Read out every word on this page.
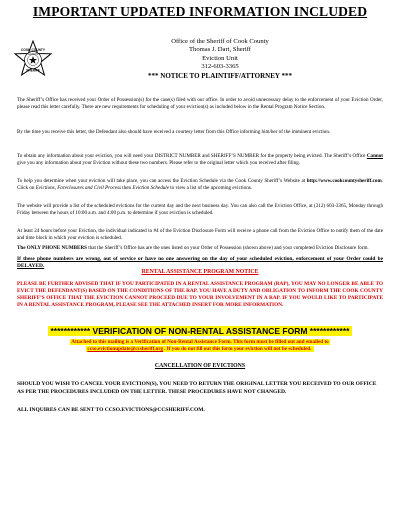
IMPORTANT UPDATED INFORMATION INCLUDED
COOK COUNTY
ILLINOIS
SHERIFF
Office of the Sheriff of Cook County
Thomas J. Dart, Sheriff
Eviction Unit
312-603-3365
*** NOTICE TO PLAINTIFF/ATTORNEY ***

The Sheriff’s Office has received your Order of Possession(s) for the case(s) filed with our office. In order to avoid unnecessary delay to the enforcement of your Eviction Order, please read this letter carefully. There are new requirements for scheduling of your eviction(s) as included below in the Rental Program Notice Section.

By the time you receive this letter, the Defendant also should have received a courtesy letter from this Office informing him/her of the imminent eviction.

To obtain any information about your eviction, you will need your DISTRICT NUMBER and SHERIFF’S NUMBER for the property being evicted. The Sheriff’s Office Cannot give you any information about your Eviction without these two numbers. Please refer to the original letter which you received after filing.

To help you determine when your eviction will take place, you can access the Eviction Schedule via the Cook County Sheriff’s Website at http://www.cookcountysheriff.com. Click on Evictions, Foreclosures and Civil Process then Eviction Schedule to view a list of the upcoming evictions.

The website will provide a list of the scheduled evictions for the current day and the next business day. You can also call the Eviction Office, at (312) 603-3365, Monday through Friday between the hours of 10:00 a.m. and 4:00 p.m. to determine if your eviction is scheduled.

At least 24 hours before your Eviction, the individual indicated in #4 of the Eviction Disclosure Form will receive a phone call from the Eviction Office to notify them of the date and time block in which your eviction is scheduled.

The ONLY PHONE NUMBERS that the Sheriff’s Office has are the ones listed on your Order of Possession (shown above) and your completed Eviction Disclosure form.

If these phone numbers are wrong, out of service or have no one answering on the day of your scheduled eviction, enforcement of your Order could be DELAYED.

RENTAL ASSISTANCE PROGRAM NOTICE

PLEASE BE FURTHER ADVISED THAT IF YOU PARTICIPATED IN A RENTAL ASSISTANCE PROGRAM (RAP), YOU MAY NO LONGER BE ABLE TO EVICT THE DEFENDANT(S) BASED ON THE CONDITIONS OF THE RAP. YOU HAVE A DUTY AND OBLIGATION TO INFORM THE COOK COUNTY SHERIFF’S OFFICE THAT THE EVICTION CANNOT PROCEED DUE TO YOUR INVOLVEMENT IN A RAP. IF YOU WOULD LIKE TO PARTICIPATE IN A RENTAL ASSISTANCE PROGRAM, PLEASE SEE THE ATTACHED INSERT FOR MORE INFORMATION.

************ VERIFICATION OF NON-RENTAL ASSISTANCE FORM ************
Attached to this mailing is a Verification of Non-Rental Assistance Form. This form must be filled out and emailed to
ccso.evictionupdate@ccsheriff.org. If you do not fill out this form your eviction will not be scheduled.
CANCELLATION OF EVICTIONS

SHOULD YOU WISH TO CANCEL YOUR EVICTION(S), YOU NEED TO RETURN THE ORIGINAL LETTER YOU RECEIVED TO OUR OFFICE AS PER THE PROCEDURES INCLUDED ON THE LETTER. THESE PROCEDURES HAVE NOT CHANGED.

ALL INQUIRES CAN BE SENT TO CCSO.EVICTIONS@CCSHERIFF.COM.
